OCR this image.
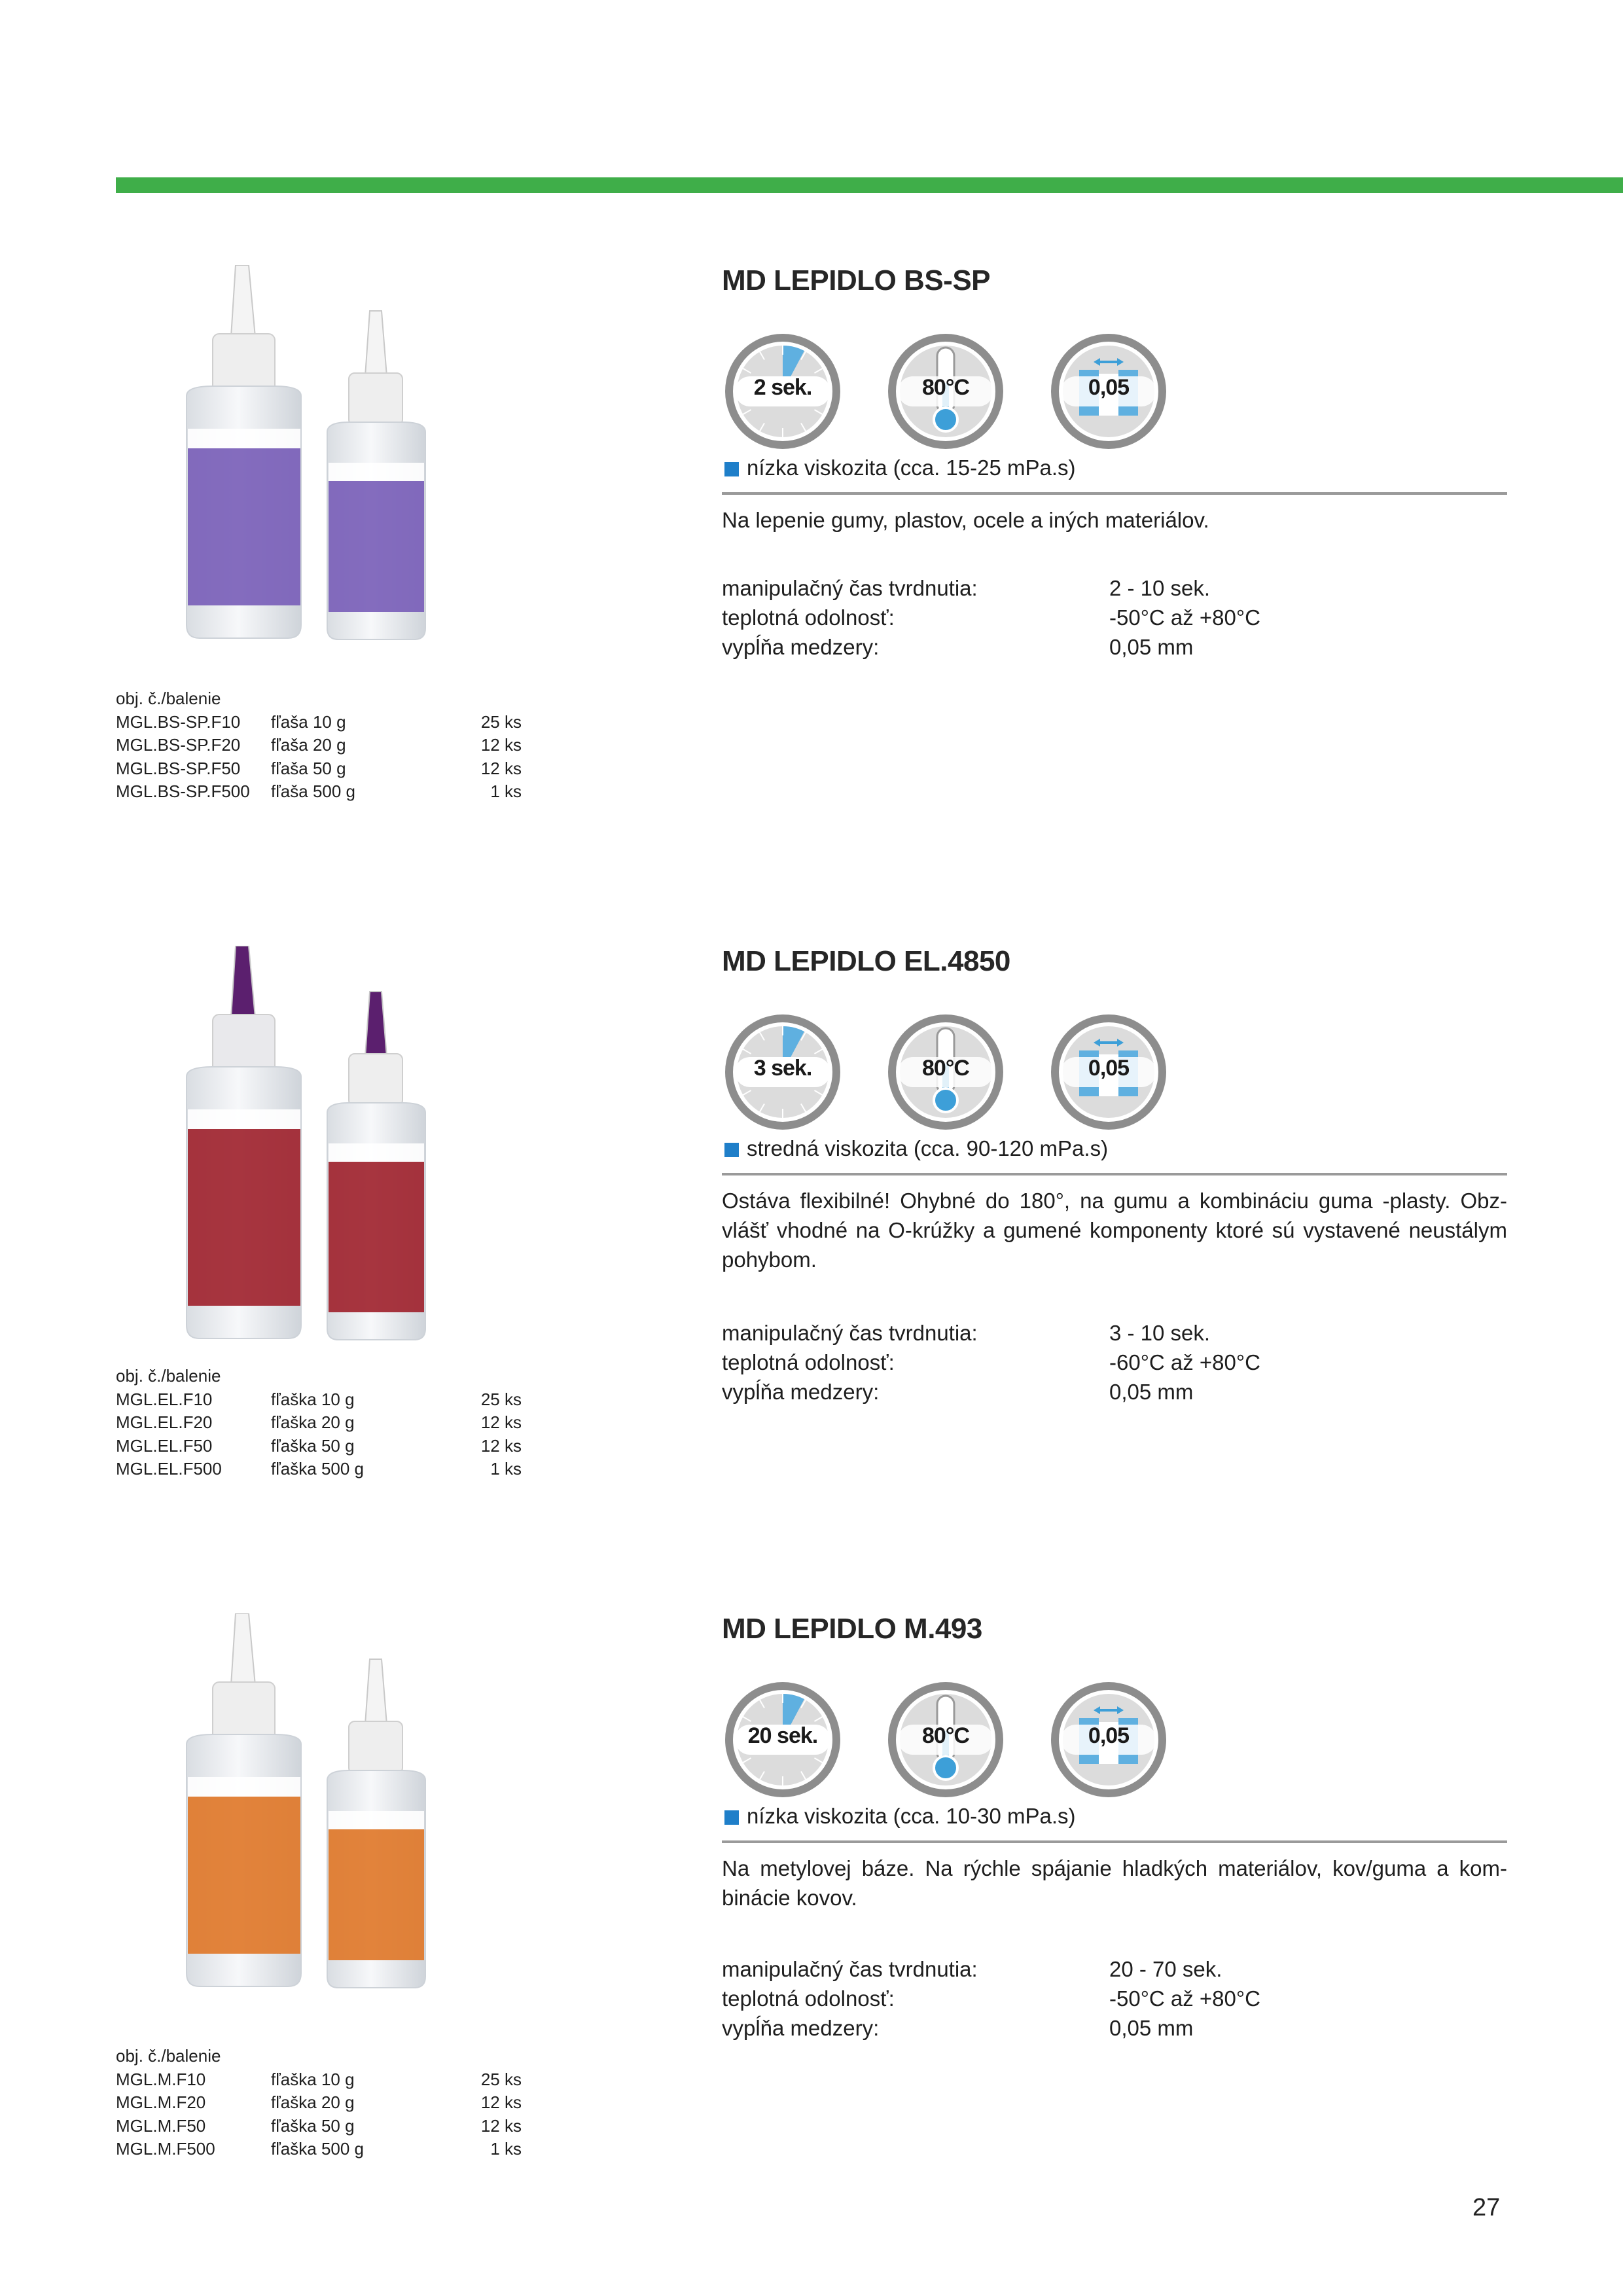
MD LEPIDLO BS-SP
2 sek.	80°C	0,05
nízka viskozita (cca. 15-25 mPa.s)
Na lepenie gumy, plastov, ocele a iných materiálov.
manipulačný čas tvrdnutia:	2 - 10 sek.
teplotná odolnosť:	-50°C až +80°C
vypĺňa medzery:	0,05 mm
obj. č./balenie
MGL.BS-SP.F10 fľaša 10 g	25 ks
MGL.BS-SP.F20 fľaša 20 g	12 ks
MGL.BS-SP.F50 fľaša 50 g	12 ks
MGL.BS-SP.F500 fľaša 500 g	1 ks
MD LEPIDLO EL.4850
3 sek.	80°C	0,05
stredná viskozita (cca. 90-120 mPa.s)
Ostáva flexibilné! Ohybné do 180°, na gumu a kombináciu guma -plasty. Obz-
vlášť vhodné na O-krúžky a gumené komponenty ktoré sú vystavené neustálym
pohybom.
manipulačný čas tvrdnutia:	3 - 10 sek.
teplotná odolnosť:	-60°C až +80°C
vypĺňa medzery:	0,05 mm
obj. č./balenie
MGL.EL.F10	fľaška 10 g	25 ks
MGL.EL.F20	fľaška 20 g	12 ks
MGL.EL.F50	fľaška 50 g	12 ks
MGL.EL.F500	fľaška 500 g	1 ks
MD LEPIDLO M.493
20 sek.	80°C	0,05
nízka viskozita (cca. 10-30 mPa.s)
Na metylovej báze. Na rýchle spájanie hladkých materiálov, kov/guma a kom-
binácie kovov.
manipulačný čas tvrdnutia:	20 - 70 sek.
teplotná odolnosť:	-50°C až +80°C
vypĺňa medzery:	0,05 mm
obj. č./balenie
MGL.M.F10	fľaška 10 g	25 ks
MGL.M.F20	fľaška 20 g	12 ks
MGL.M.F50	fľaška 50 g	12 ks
MGL.M.F500	fľaška 500 g	1 ks
27
